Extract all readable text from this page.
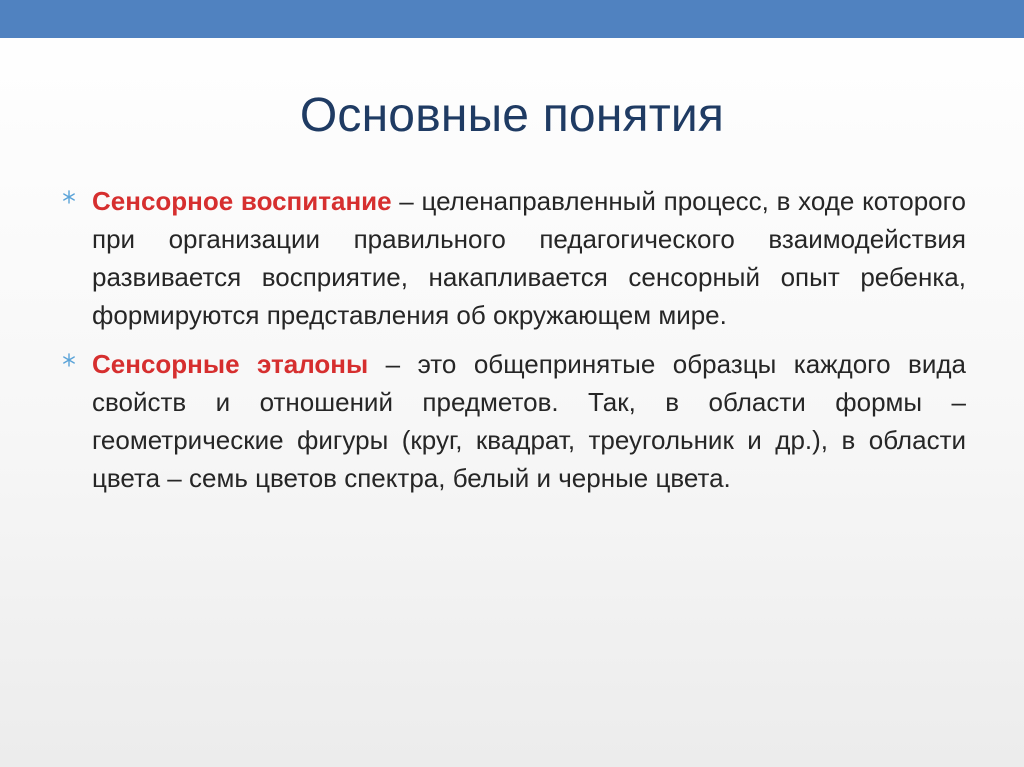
Основные понятия
Сенсорное воспитание – целенаправленный процесс, в ходе которого при организации правильного педагогического взаимодействия развивается восприятие, накапливается сенсорный опыт ребенка, формируются представления об окружающем мире.
Сенсорные эталоны – это общепринятые образцы каждого вида свойств и отношений предметов. Так, в области формы – геометрические фигуры (круг, квадрат, треугольник и др.), в области цвета – семь цветов спектра, белый и черные цвета.
